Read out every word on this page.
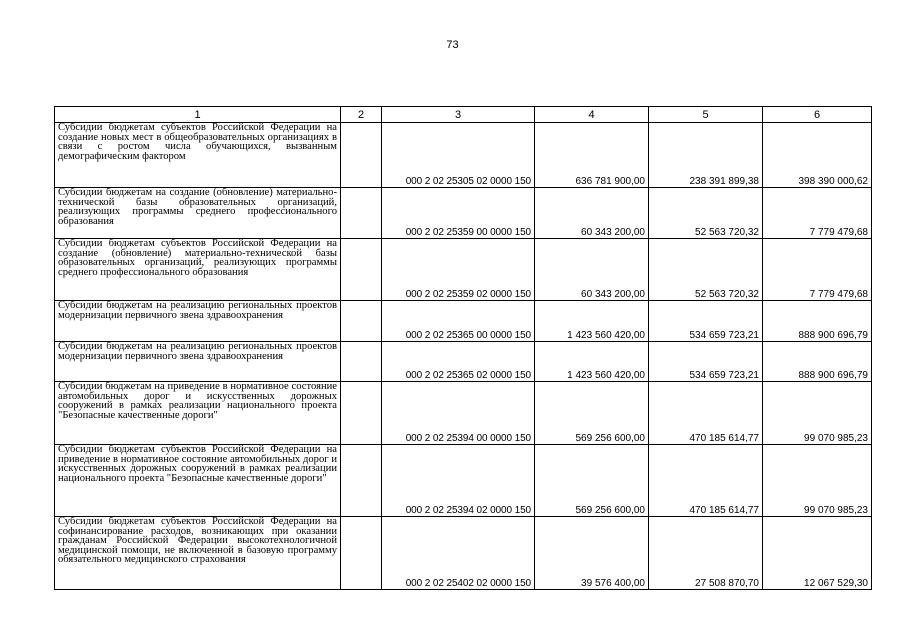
73
1	2	3	4	5	6
Субсидии бюджетам субъектов Российской Федерации на создание новых мест в общеобразовательных организациях в связи с ростом числа обучающихся, вызванным демографическим фактором		000 2 02 25305 02 0000 150	636 781 900,00	238 391 899,38	398 390 000,62
Субсидии бюджетам на создание (обновление) материально-технической базы образовательных организаций, реализующих программы среднего профессионального образования		000 2 02 25359 00 0000 150	60 343 200,00	52 563 720,32	7 779 479,68
Субсидии бюджетам субъектов Российской Федерации на создание (обновление) материально-технической базы образовательных организаций, реализующих программы среднего профессионального образования		000 2 02 25359 02 0000 150	60 343 200,00	52 563 720,32	7 779 479,68
Субсидии бюджетам на реализацию региональных проектов модернизации первичного звена здравоохранения		000 2 02 25365 00 0000 150	1 423 560 420,00	534 659 723,21	888 900 696,79
Субсидии бюджетам на реализацию региональных проектов модернизации первичного звена здравоохранения		000 2 02 25365 02 0000 150	1 423 560 420,00	534 659 723,21	888 900 696,79
Субсидии бюджетам на приведение в нормативное состояние автомобильных дорог и искусственных дорожных сооружений в рамках реализации национального проекта "Безопасные качественные дороги"		000 2 02 25394 00 0000 150	569 256 600,00	470 185 614,77	99 070 985,23
Субсидии бюджетам субъектов Российской Федерации на приведение в нормативное состояние автомобильных дорог и искусственных дорожных сооружений в рамках реализации национального проекта "Безопасные качественные дороги"		000 2 02 25394 02 0000 150	569 256 600,00	470 185 614,77	99 070 985,23
Субсидии бюджетам субъектов Российской Федерации на софинансирование расходов, возникающих при оказании гражданам Российской Федерации высокотехнологичной медицинской помощи, не включенной в базовую программу обязательного медицинского страхования		000 2 02 25402 02 0000 150	39 576 400,00	27 508 870,70	12 067 529,30
